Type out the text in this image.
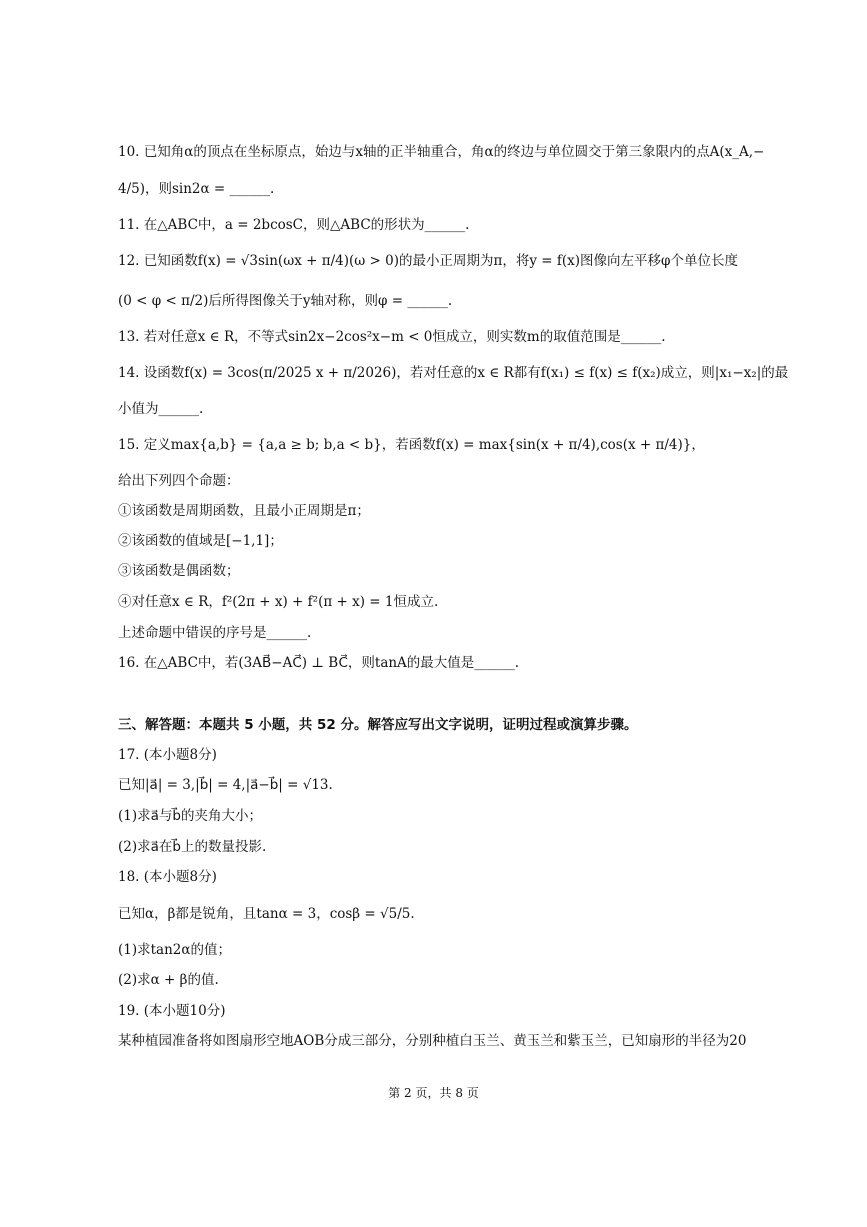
10. 已知角α的顶点在坐标原点，始边与x轴的正半轴重合，角α的终边与单位圆交于第三象限内的点A(x_A,−
4/5)，则sin2α = ______.
11. 在△ABC中，a = 2bcosC，则△ABC的形状为______.
12. 已知函数f(x) = √3sin(ωx + π/4)(ω > 0)的最小正周期为π，将y = f(x)图像向左平移φ个单位长度
(0 < φ < π/2)后所得图像关于y轴对称，则φ = ______.
13. 若对任意x ∈ R，不等式sin2x−2cos²x−m < 0恒成立，则实数m的取值范围是______.
14. 设函数f(x) = 3cos(π/2025 x + π/2026)，若对任意的x ∈ R都有f(x₁) ≤ f(x) ≤ f(x₂)成立，则|x₁−x₂|的最
小值为______.
15. 定义max{a,b} = {a,a ≥ b; b,a < b}，若函数f(x) = max{sin(x + π/4),cos(x + π/4)}，
给出下列四个命题：
①该函数是周期函数，且最小正周期是π；
②该函数的值域是[−1,1]；
③该函数是偶函数；
④对任意x ∈ R，f²(2π + x) + f²(π + x) = 1恒成立.
上述命题中错误的序号是______.
16. 在△ABC中，若(3AB⃗−AC⃗) ⊥ BC⃗，则tanA的最大值是______.
三、解答题：本题共 5 小题，共 52 分。解答应写出文字说明，证明过程或演算步骤。
17. (本小题8分)
已知|a⃗| = 3,|b⃗| = 4,|a⃗−b⃗| = √13.
(1)求a⃗与b⃗的夹角大小；
(2)求a⃗在b⃗上的数量投影.
18. (本小题8分)
已知α，β都是锐角，且tanα = 3，cosβ = √5/5.
(1)求tan2α的值；
(2)求α + β的值.
19. (本小题10分)
某种植园准备将如图扇形空地AOB分成三部分，分别种植白玉兰、黄玉兰和紫玉兰，已知扇形的半径为20
第 2 页，共 8 页
